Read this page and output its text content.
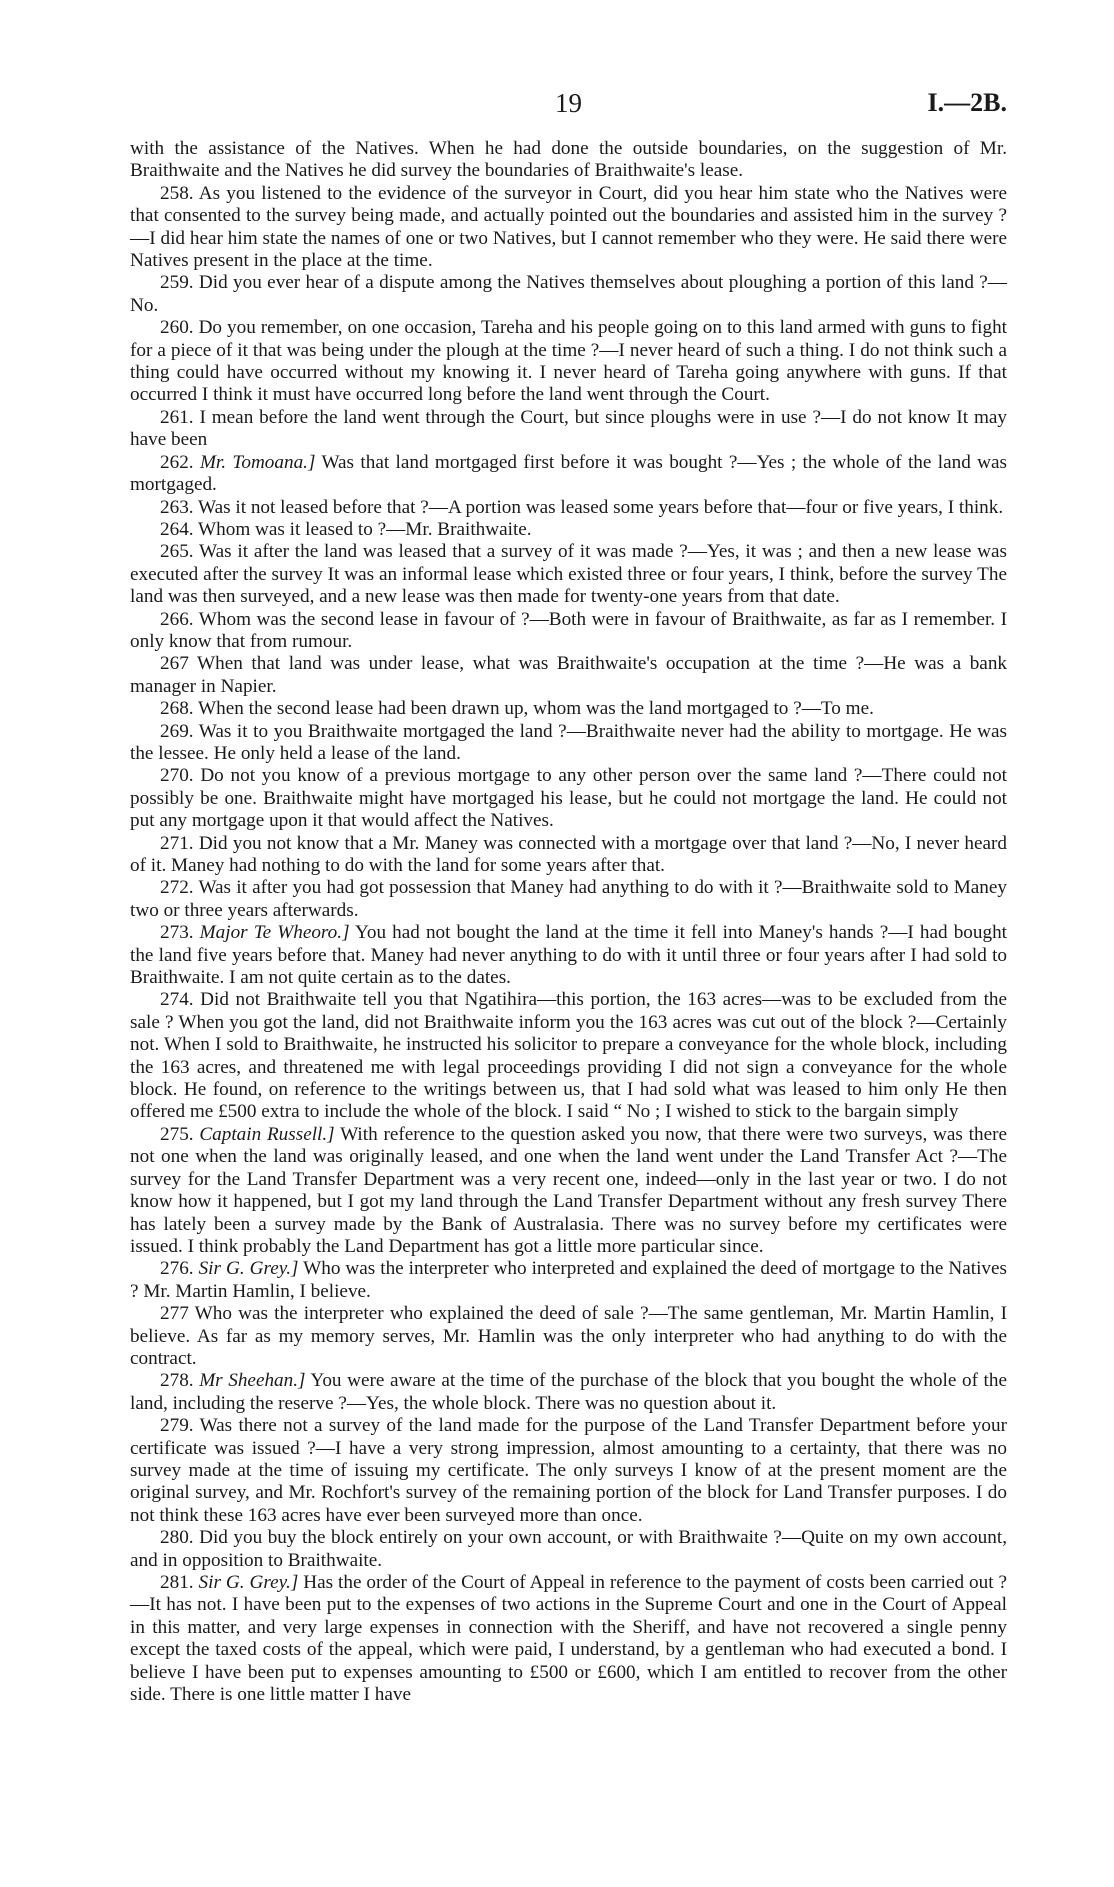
19	I.—2B.

with the assistance of the Natives. When he had done the outside boundaries, on the suggestion of Mr. Braithwaite and the Natives he did survey the boundaries of Braithwaite's lease.

258. As you listened to the evidence of the surveyor in Court, did you hear him state who the Natives were that consented to the survey being made, and actually pointed out the boundaries and assisted him in the survey ?—I did hear him state the names of one or two Natives, but I cannot remember who they were. He said there were Natives present in the place at the time.

259. Did you ever hear of a dispute among the Natives themselves about ploughing a portion of this land ?—No.

260. Do you remember, on one occasion, Tareha and his people going on to this land armed with guns to fight for a piece of it that was being under the plough at the time ?—I never heard of such a thing. I do not think such a thing could have occurred without my knowing it. I never heard of Tareha going anywhere with guns. If that occurred I think it must have occurred long before the land went through the Court.

261. I mean before the land went through the Court, but since ploughs were in use ?—I do not know It may have been

262. Mr. Tomoana.] Was that land mortgaged first before it was bought ?—Yes ; the whole of the land was mortgaged.

263. Was it not leased before that ?—A portion was leased some years before that—four or five years, I think.

264. Whom was it leased to ?—Mr. Braithwaite.

265. Was it after the land was leased that a survey of it was made ?—Yes, it was ; and then a new lease was executed after the survey It was an informal lease which existed three or four years, I think, before the survey The land was then surveyed, and a new lease was then made for twenty-one years from that date.

266. Whom was the second lease in favour of ?—Both were in favour of Braithwaite, as far as I remember. I only know that from rumour.

267 When that land was under lease, what was Braithwaite's occupation at the time ?—He was a bank manager in Napier.

268. When the second lease had been drawn up, whom was the land mortgaged to ?—To me.

269. Was it to you Braithwaite mortgaged the land ?—Braithwaite never had the ability to mortgage. He was the lessee. He only held a lease of the land.

270. Do not you know of a previous mortgage to any other person over the same land ?—There could not possibly be one. Braithwaite might have mortgaged his lease, but he could not mortgage the land. He could not put any mortgage upon it that would affect the Natives.

271. Did you not know that a Mr. Maney was connected with a mortgage over that land ?—No, I never heard of it. Maney had nothing to do with the land for some years after that.

272. Was it after you had got possession that Maney had anything to do with it ?—Braithwaite sold to Maney two or three years afterwards.

273. Major Te Wheoro.] You had not bought the land at the time it fell into Maney's hands ?—I had bought the land five years before that. Maney had never anything to do with it until three or four years after I had sold to Braithwaite. I am not quite certain as to the dates.

274. Did not Braithwaite tell you that Ngatihira—this portion, the 163 acres—was to be excluded from the sale ? When you got the land, did not Braithwaite inform you the 163 acres was cut out of the block ?—Certainly not. When I sold to Braithwaite, he instructed his solicitor to prepare a conveyance for the whole block, including the 163 acres, and threatened me with legal proceedings providing I did not sign a conveyance for the whole block. He found, on reference to the writings between us, that I had sold what was leased to him only He then offered me £500 extra to include the whole of the block. I said “ No ; I wished to stick to the bargain simply

275. Captain Russell.] With reference to the question asked you now, that there were two surveys, was there not one when the land was originally leased, and one when the land went under the Land Transfer Act ?—The survey for the Land Transfer Department was a very recent one, indeed—only in the last year or two. I do not know how it happened, but I got my land through the Land Transfer Department without any fresh survey There has lately been a survey made by the Bank of Australasia. There was no survey before my certificates were issued. I think probably the Land Department has got a little more particular since.

276. Sir G. Grey.] Who was the interpreter who interpreted and explained the deed of mortgage to the Natives ? Mr. Martin Hamlin, I believe.

277 Who was the interpreter who explained the deed of sale ?—The same gentleman, Mr. Martin Hamlin, I believe. As far as my memory serves, Mr. Hamlin was the only interpreter who had anything to do with the contract.

278. Mr Sheehan.] You were aware at the time of the purchase of the block that you bought the whole of the land, including the reserve ?—Yes, the whole block. There was no question about it.

279. Was there not a survey of the land made for the purpose of the Land Transfer Department before your certificate was issued ?—I have a very strong impression, almost amounting to a certainty, that there was no survey made at the time of issuing my certificate. The only surveys I know of at the present moment are the original survey, and Mr. Rochfort's survey of the remaining portion of the block for Land Transfer purposes. I do not think these 163 acres have ever been surveyed more than once.

280. Did you buy the block entirely on your own account, or with Braithwaite ?—Quite on my own account, and in opposition to Braithwaite.

281. Sir G. Grey.] Has the order of the Court of Appeal in reference to the payment of costs been carried out ?—It has not. I have been put to the expenses of two actions in the Supreme Court and one in the Court of Appeal in this matter, and very large expenses in connection with the Sheriff, and have not recovered a single penny except the taxed costs of the appeal, which were paid, I understand, by a gentleman who had executed a bond. I believe I have been put to expenses amounting to £500 or £600, which I am entitled to recover from the other side. There is one little matter I have
